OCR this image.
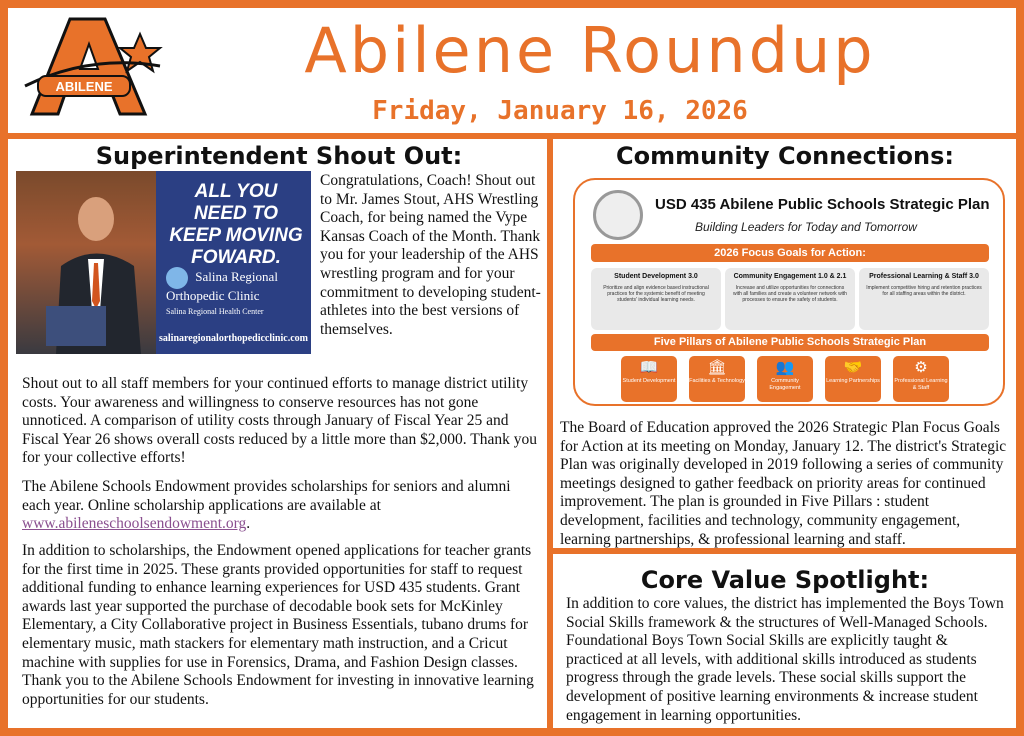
ABILENE	Abilene Roundup
Friday, January 16, 2026
Superintendent Shout Out:
ALL YOU NEED TO KEEP MOVING FOWARD.
Salina Regional Orthopedic Clinic
Salina Regional Health Center
salinaregionalorthopedicclinic.com
Congratulations, Coach! Shout out to Mr. James Stout, AHS Wrestling Coach, for being named the Vype Kansas Coach of the Month. Thank you for your leadership of the AHS wrestling program and for your commitment to developing student-athletes into the best versions of themselves.
Shout out to all staff members for your continued efforts to manage district utility costs. Your awareness and willingness to conserve resources has not gone unnoticed. A comparison of utility costs through January of Fiscal Year 25 and Fiscal Year 26 shows overall costs reduced by a little more than $2,000. Thank you for your collective efforts!
The Abilene Schools Endowment provides scholarships for seniors and alumni each year. Online scholarship applications are available at www.abileneschoolsendowment.org.
In addition to scholarships, the Endowment opened applications for teacher grants for the first time in 2025. These grants provided opportunities for staff to request additional funding to enhance learning experiences for USD 435 students. Grant awards last year supported the purchase of decodable book sets for McKinley Elementary, a City Collaborative project in Business Essentials, tubano drums for elementary music, math stackers for elementary math instruction, and a Cricut machine with supplies for use in Forensics, Drama, and Fashion Design classes. Thank you to the Abilene Schools Endowment for investing in innovative learning opportunities for our students.
Community Connections:
USD 435 Abilene Public Schools Strategic Plan
Building Leaders for Today and Tomorrow
2026 Focus Goals for Action:
Student Development 3.0
Prioritize and align evidence based instructional practices for the systemic benefit of meeting students' individual learning needs.
Community Engagement 1.0 & 2.1
Increase and utilize opportunities for connections with all families and create a volunteer network with processes to ensure the safety of students.
Professional Learning & Staff 3.0
Implement competitive hiring and retention practices for all staffing areas within the district.
Five Pillars of Abilene Public Schools Strategic Plan
📖
Student Development
🏛
Facilities & Technology
👥
Community Engagement
🤝
Learning Partnerships
⚙
Professional Learning & Staff
The Board of Education approved the 2026 Strategic Plan Focus Goals for Action at its meeting on Monday, January 12. The district's Strategic Plan was originally developed in 2019 following a series of community meetings designed to gather feedback on priority areas for continued improvement. The plan is grounded in Five Pillars : student development, facilities and technology, community engagement, learning partnerships, & professional learning and staff.
Core Value Spotlight:
In addition to core values, the district has implemented the Boys Town Social Skills framework & the structures of Well-Managed Schools. Foundational Boys Town Social Skills are explicitly taught & practiced at all levels, with additional skills introduced as students progress through the grade levels. These social skills support the development of positive learning environments & increase student engagement in learning opportunities.
